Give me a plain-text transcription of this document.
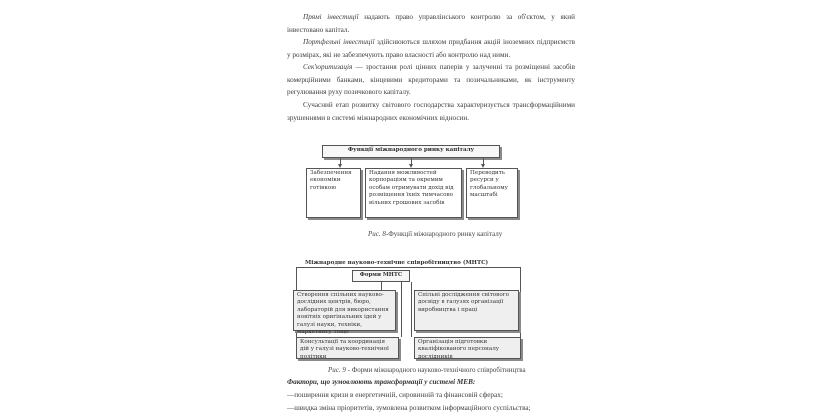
Прямі інвестиції надають право управлінського контролю за об'єктом, у який інвестовано капітал.
Портфельні інвестиції здійснюються шляхом придбання акцій іноземних підприємств у розмірах, які не забезпечують право власності або контролю над ними.
Сек'юритизація — зростання ролі цінних паперів у залученні та розміщенні засобів комерційними банками, кінцевими кредиторами та позичальниками, як інструменту регулювання руху позичкового капіталу.
Сучасний етап розвитку світового господарства характеризується трансформаційними зрушеннями в системі міжнародних економічних відносин.
Функції міжнародного ринку капіталу
Забезпечення економіки готівкою
Надання можливостей корпораціям та окремим особам отримувати дохід від розміщення їхніх тимчасово вільних грошових засобів
Переводить ресурси у глобальному масштабі
Рис. 8-Функції міжнародного ринку капіталу
Міжнародне науково-технічне співробітництво (МНТС)
Форми МНТС
Створення спільних науково-дослідних центрів, бюро, лабораторій для використання новітніх оригінальних ідей у галузі науки, техніки, маркетингу тощо
Спільні дослідження світового досвіду в галузях організації виробництва і праці
Консультації та координація дій у галузі науково-технічної політики
Організація підготовки кваліфікованого персоналу дослідників
Рис. 9 - Форми міжнародного науково-технічного співробітництва
Фактори, що зумовлюють трансформації у системі МЕВ:
—поширення кризи в енергетичній, сировинній та фінансовій сферах;
—швидка зміна пріоритетів, зумовлена розвитком інформаційного суспільства;
